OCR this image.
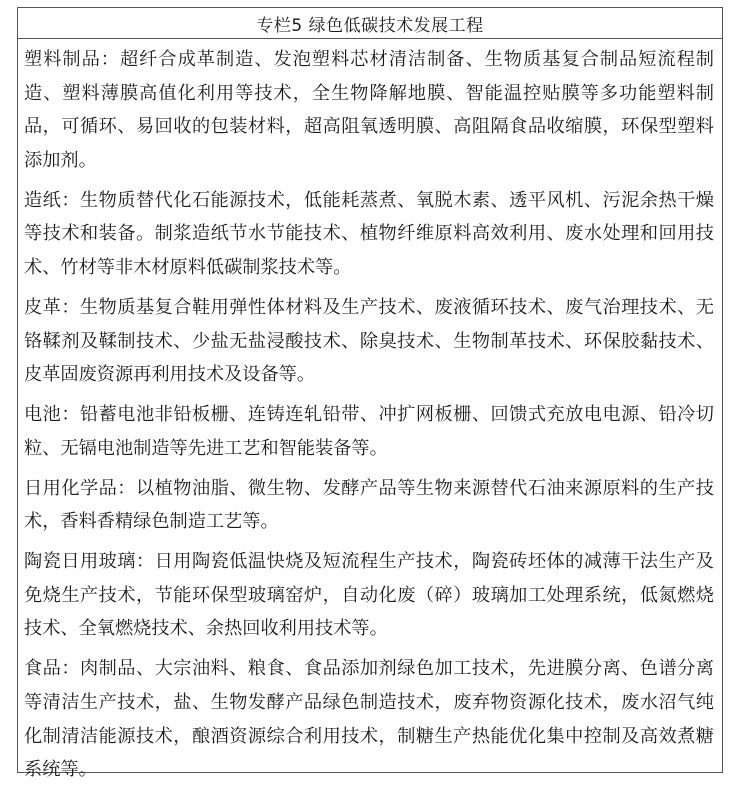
专栏5 绿色低碳技术发展工程

塑料制品：超纤合成革制造、发泡塑料芯材清洁制备、生物质基复合制品短流程制造、塑料薄膜高值化利用等技术，全生物降解地膜、智能温控贴膜等多功能塑料制品，可循环、易回收的包装材料，超高阻氧透明膜、高阻隔食品收缩膜，环保型塑料添加剂。

造纸：生物质替代化石能源技术，低能耗蒸煮、氧脱木素、透平风机、污泥余热干燥等技术和装备。制浆造纸节水节能技术、植物纤维原料高效利用、废水处理和回用技术、竹材等非木材原料低碳制浆技术等。

皮革：生物质基复合鞋用弹性体材料及生产技术、废液循环技术、废气治理技术、无铬鞣剂及鞣制技术、少盐无盐浸酸技术、除臭技术、生物制革技术、环保胶黏技术、皮革固废资源再利用技术及设备等。

电池：铅蓄电池非铅板栅、连铸连轧铅带、冲扩网板栅、回馈式充放电电源、铅冷切粒、无镉电池制造等先进工艺和智能装备等。

日用化学品：以植物油脂、微生物、发酵产品等生物来源替代石油来源原料的生产技术，香料香精绿色制造工艺等。

陶瓷日用玻璃：日用陶瓷低温快烧及短流程生产技术，陶瓷砖坯体的减薄干法生产及免烧生产技术，节能环保型玻璃窑炉，自动化废（碎）玻璃加工处理系统，低氮燃烧技术、全氧燃烧技术、余热回收利用技术等。

食品：肉制品、大宗油料、粮食、食品添加剂绿色加工技术，先进膜分离、色谱分离等清洁生产技术，盐、生物发酵产品绿色制造技术，废弃物资源化技术，废水沼气纯化制清洁能源技术，酿酒资源综合利用技术，制糖生产热能优化集中控制及高效煮糖系统等。
